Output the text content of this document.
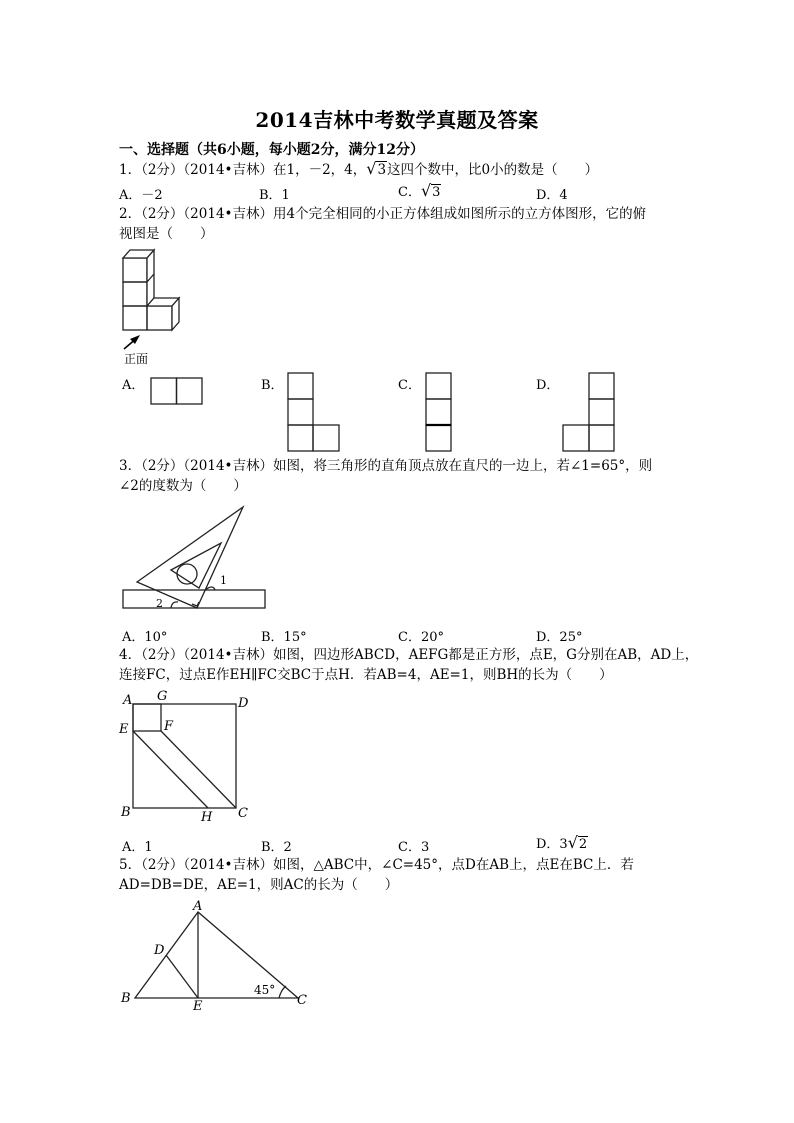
2014吉林中考数学真题及答案
一、选择题（共6小题，每小题2分，满分12分）
1．（2分）（2014•吉林）在1，－2，4，√3这四个数中，比0小的数是（　　）
A．－2	B．1	C．√3	D．4
2．（2分）（2014•吉林）用4个完全相同的小正方体组成如图所示的立方体图形，它的俯
视图是（　　）
正面
A．	B．	C．	D．
3．（2分）（2014•吉林）如图，将三角形的直角顶点放在直尺的一边上，若∠1=65°，则
∠2的度数为（　　）
1
2
A．10°	B．15°	C．20°	D．25°
4．（2分）（2014•吉林）如图，四边形ABCD，AEFG都是正方形，点E，G分别在AB，AD上，
连接FC，过点E作EH∥FC交BC于点H．若AB=4，AE=1，则BH的长为（　　）
A G	D
E	F
B	H C
A．1	B．2	C．3	D．3√2
5．（2分）（2014•吉林）如图，△ABC中，∠C=45°，点D在AB上，点E在BC上．若
AD=DB=DE，AE=1，则AC的长为（　　）
A
D
B
E	C
45°
